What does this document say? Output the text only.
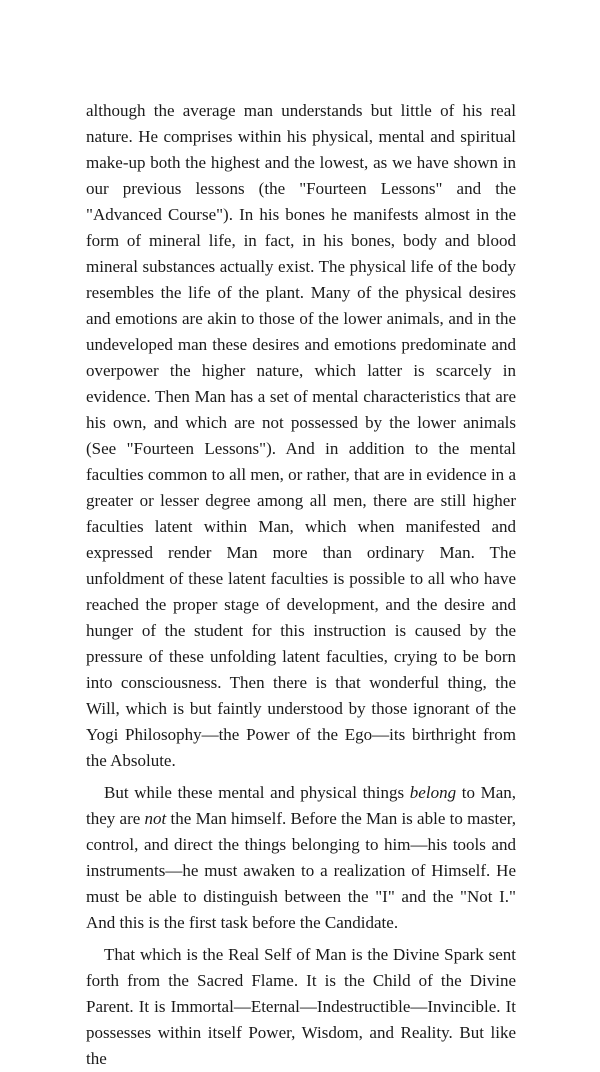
although the average man understands but little of his real nature. He comprises within his physical, mental and spiritual make-up both the highest and the lowest, as we have shown in our previous lessons (the "Fourteen Lessons" and the "Advanced Course"). In his bones he manifests almost in the form of mineral life, in fact, in his bones, body and blood mineral substances actually exist. The physical life of the body resembles the life of the plant. Many of the physical desires and emotions are akin to those of the lower animals, and in the undeveloped man these desires and emotions predominate and overpower the higher nature, which latter is scarcely in evidence. Then Man has a set of mental characteristics that are his own, and which are not possessed by the lower animals (See "Fourteen Lessons"). And in addition to the mental faculties common to all men, or rather, that are in evidence in a greater or lesser degree among all men, there are still higher faculties latent within Man, which when manifested and expressed render Man more than ordinary Man. The unfoldment of these latent faculties is possible to all who have reached the proper stage of development, and the desire and hunger of the student for this instruction is caused by the pressure of these unfolding latent faculties, crying to be born into consciousness. Then there is that wonderful thing, the Will, which is but faintly understood by those ignorant of the Yogi Philosophy—the Power of the Ego—its birthright from the Absolute.

But while these mental and physical things belong to Man, they are not the Man himself. Before the Man is able to master, control, and direct the things belonging to him—his tools and instruments—he must awaken to a realization of Himself. He must be able to distinguish between the "I" and the "Not I." And this is the first task before the Candidate.

That which is the Real Self of Man is the Divine Spark sent forth from the Sacred Flame. It is the Child of the Divine Parent. It is Immortal—Eternal—Indestructible—Invincible. It possesses within itself Power, Wisdom, and Reality. But like the
